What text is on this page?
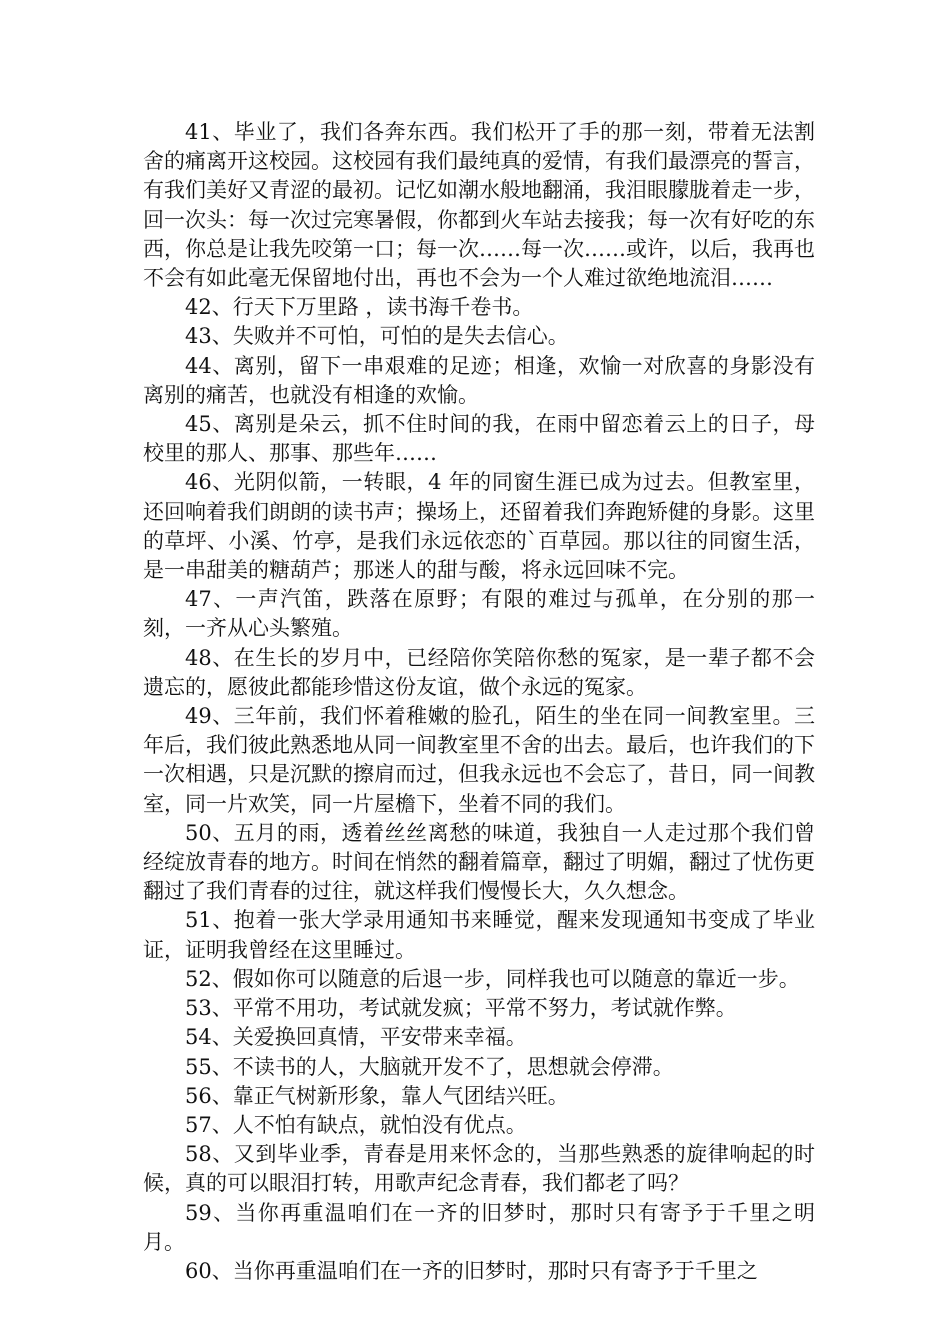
41、毕业了，我们各奔东西。我们松开了手的那一刻，带着无法割舍的痛离开这校园。这校园有我们最纯真的爱情，有我们最漂亮的誓言，有我们美好又青涩的最初。记忆如潮水般地翻涌，我泪眼朦胧着走一步，回一次头：每一次过完寒暑假，你都到火车站去接我；每一次有好吃的东西，你总是让我先咬第一口；每一次……每一次……或许，以后，我再也不会有如此毫无保留地付出，再也不会为一个人难过欲绝地流泪……

42、行天下万里路 ，读书海千卷书。

43、失败并不可怕，可怕的是失去信心。

44、离别，留下一串艰难的足迹；相逢，欢愉一对欣喜的身影没有离别的痛苦，也就没有相逢的欢愉。

45、离别是朵云，抓不住时间的我，在雨中留恋着云上的日子，母校里的那人、那事、那些年……

46、光阴似箭，一转眼，4 年的同窗生涯已成为过去。但教室里，还回响着我们朗朗的读书声；操场上，还留着我们奔跑矫健的身影。这里的草坪、小溪、竹亭，是我们永远依恋的`百草园。那以往的同窗生活，是一串甜美的糖葫芦；那迷人的甜与酸，将永远回味不完。

47、一声汽笛，跌落在原野；有限的难过与孤单，在分别的那一刻，一齐从心头繁殖。

48、在生长的岁月中，已经陪你笑陪你愁的冤家，是一辈子都不会遗忘的，愿彼此都能珍惜这份友谊，做个永远的冤家。

49、三年前，我们怀着稚嫩的脸孔，陌生的坐在同一间教室里。三年后，我们彼此熟悉地从同一间教室里不舍的出去。最后，也许我们的下一次相遇，只是沉默的擦肩而过，但我永远也不会忘了，昔日，同一间教室，同一片欢笑，同一片屋檐下，坐着不同的我们。

50、五月的雨，透着丝丝离愁的味道，我独自一人走过那个我们曾经绽放青春的地方。时间在悄然的翻着篇章，翻过了明媚，翻过了忧伤更翻过了我们青春的过往，就这样我们慢慢长大，久久想念。

51、抱着一张大学录用通知书来睡觉，醒来发现通知书变成了毕业证，证明我曾经在这里睡过。

52、假如你可以随意的后退一步，同样我也可以随意的靠近一步。

53、平常不用功，考试就发疯；平常不努力，考试就作弊。

54、关爱换回真情，平安带来幸福。

55、不读书的人，大脑就开发不了，思想就会停滞。

56、靠正气树新形象，靠人气团结兴旺。

57、人不怕有缺点，就怕没有优点。

58、又到毕业季，青春是用来怀念的，当那些熟悉的旋律响起的时候，真的可以眼泪打转，用歌声纪念青春，我们都老了吗？

59、当你再重温咱们在一齐的旧梦时，那时只有寄予于千里之明月。

60、当你再重温咱们在一齐的旧梦时，那时只有寄予于千里之
